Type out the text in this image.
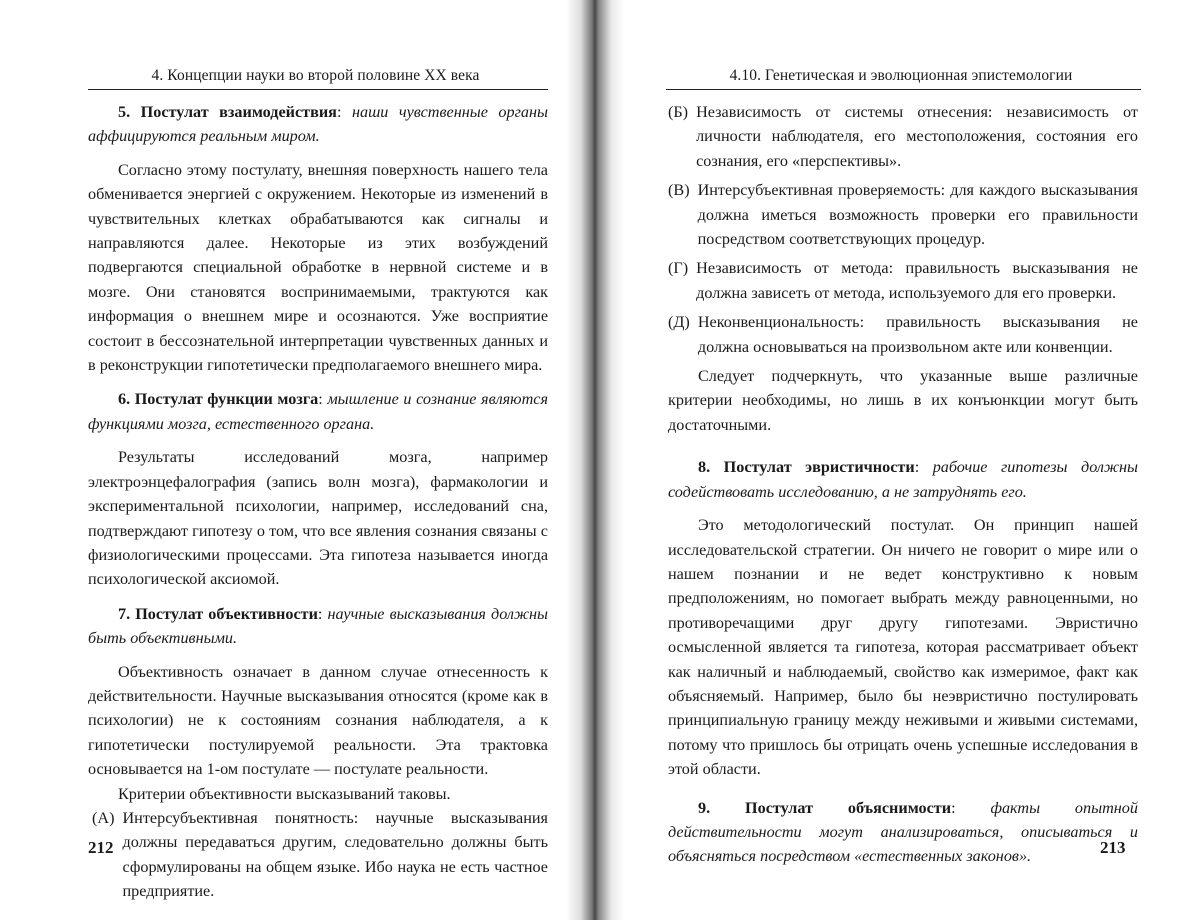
4. Концепции науки во второй половине XX века

5. Постулат взаимодействия: наши чувственные органы аффицируются реальным миром.

Согласно этому постулату, внешняя поверхность нашего тела обменивается энергией с окружением. Некоторые из изменений в чувствительных клетках обрабатываются как сигналы и направляются далее. Некоторые из этих возбуждений подвергаются специальной обработке в нервной системе и в мозге. Они становятся воспринимаемыми, трактуются как информация о внешнем мире и осознаются. Уже восприятие состоит в бессознательной интерпретации чувственных данных и в реконструкции гипотетически предполагаемого внешнего мира.

6. Постулат функции мозга: мышление и сознание являются функциями мозга, естественного органа.

Результаты исследований мозга, например электроэнцефалография (запись волн мозга), фармакологии и экспериментальной психологии, например, исследований сна, подтверждают гипотезу о том, что все явления сознания связаны с физиологическими процессами. Эта гипотеза называется иногда психологической аксиомой.

7. Постулат объективности: научные высказывания должны быть объективными.

Объективность означает в данном случае отнесенность к действительности. Научные высказывания относятся (кроме как в психологии) не к состояниям сознания наблюдателя, а к гипотетически постулируемой реальности. Эта трактовка основывается на 1-ом постулате — постулате реальности.

Критерии объективности высказываний таковы.

(А) Интерсубъективная понятность: научные высказывания должны передаваться другим, следовательно должны быть сформулированы на общем языке. Ибо наука не есть частное предприятие.
212
4.10. Генетическая и эволюционная эпистемологии
(Б) Независимость от системы отнесения: независимость от личности наблюдателя, его местоположения, состояния его сознания, его «перспективы».
(В) Интерсубъективная проверяемость: для каждого высказывания должна иметься возможность проверки его правильности посредством соответствующих процедур.
(Г) Независимость от метода: правильность высказывания не должна зависеть от метода, используемого для его проверки.
(Д) Неконвенциональность: правильность высказывания не должна основываться на произвольном акте или конвенции.

Следует подчеркнуть, что указанные выше различные критерии необходимы, но лишь в их конъюнкции могут быть достаточными.

8. Постулат эвристичности: рабочие гипотезы должны содействовать исследованию, а не затруднять его.

Это методологический постулат. Он принцип нашей исследовательской стратегии. Он ничего не говорит о мире или о нашем познании и не ведет конструктивно к новым предположениям, но помогает выбрать между равноценными, но противоречащими друг другу гипотезами. Эвристично осмысленной является та гипотеза, которая рассматривает объект как наличный и наблюдаемый, свойство как измеримое, факт как объясняемый. Например, было бы неэвристично постулировать принципиальную границу между неживыми и живыми системами, потому что пришлось бы отрицать очень успешные исследования в этой области.

9. Постулат объяснимости: факты опытной действительности могут анализироваться, описываться и объясняться посредством «естественных законов».	213
